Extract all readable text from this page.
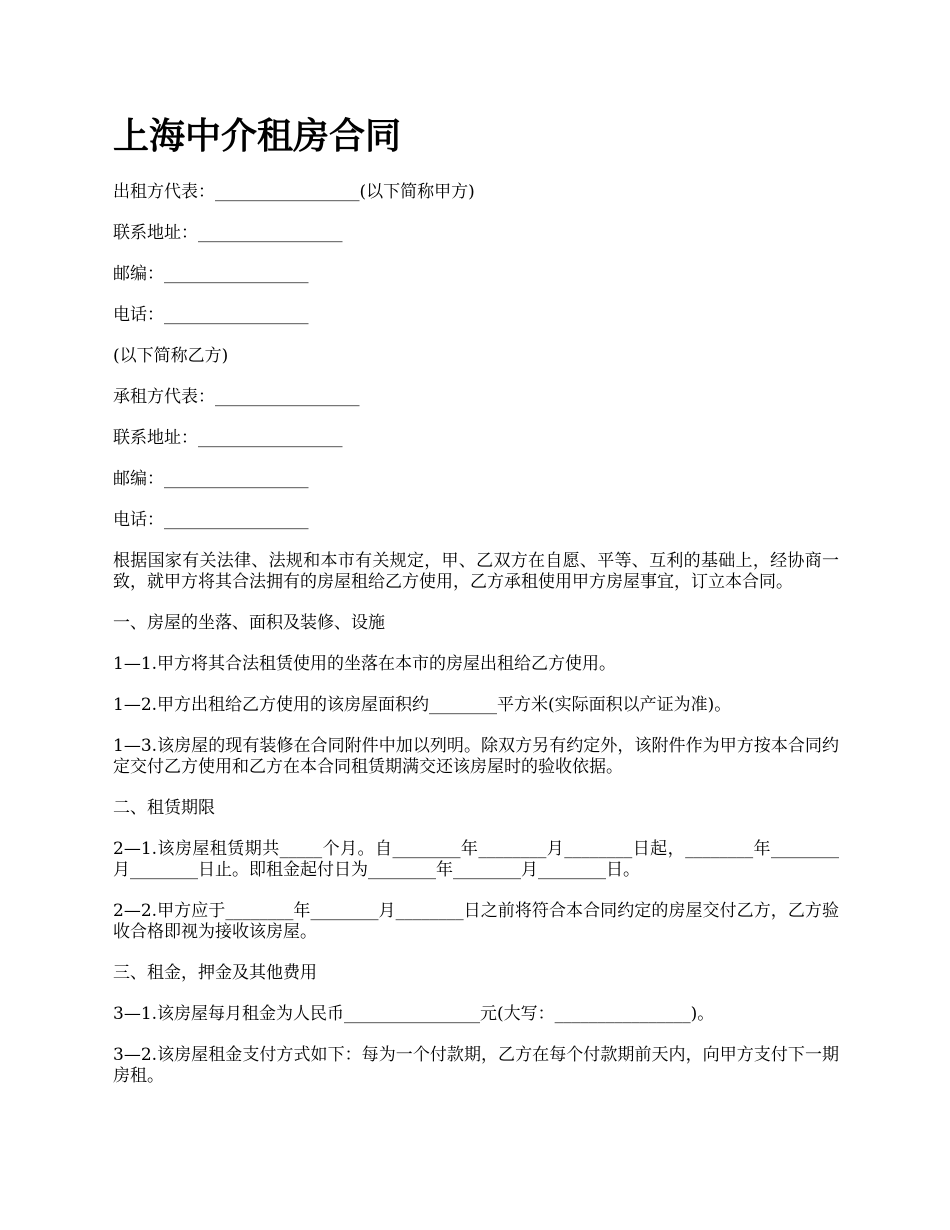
上海中介租房合同

出租方代表：_________________(以下简称甲方)

联系地址：_________________

邮编：_________________

电话：_________________

(以下简称乙方)

承租方代表：_________________

联系地址：_________________

邮编：_________________

电话：_________________

根据国家有关法律、法规和本市有关规定，甲、乙双方在自愿、平等、互利的基础上，经协商一致，就甲方将其合法拥有的房屋租给乙方使用，乙方承租使用甲方房屋事宜，订立本合同。

一、房屋的坐落、面积及装修、设施

1—1.甲方将其合法租赁使用的坐落在本市的房屋出租给乙方使用。

1—2.甲方出租给乙方使用的该房屋面积约________平方米(实际面积以产证为准)。

1—3.该房屋的现有装修在合同附件中加以列明。除双方另有约定外，该附件作为甲方按本合同约定交付乙方使用和乙方在本合同租赁期满交还该房屋时的验收依据。

二、租赁期限

2—1.该房屋租赁期共_____个月。自________年________月________日起，________年________月________日止。即租金起付日为________年________月________日。

2—2.甲方应于________年________月________日之前将符合本合同约定的房屋交付乙方，乙方验收合格即视为接收该房屋。

三、租金，押金及其他费用

3—1.该房屋每月租金为人民币________________元(大写：________________)。

3—2.该房屋租金支付方式如下：每为一个付款期，乙方在每个付款期前天内，向甲方支付下一期房租。
